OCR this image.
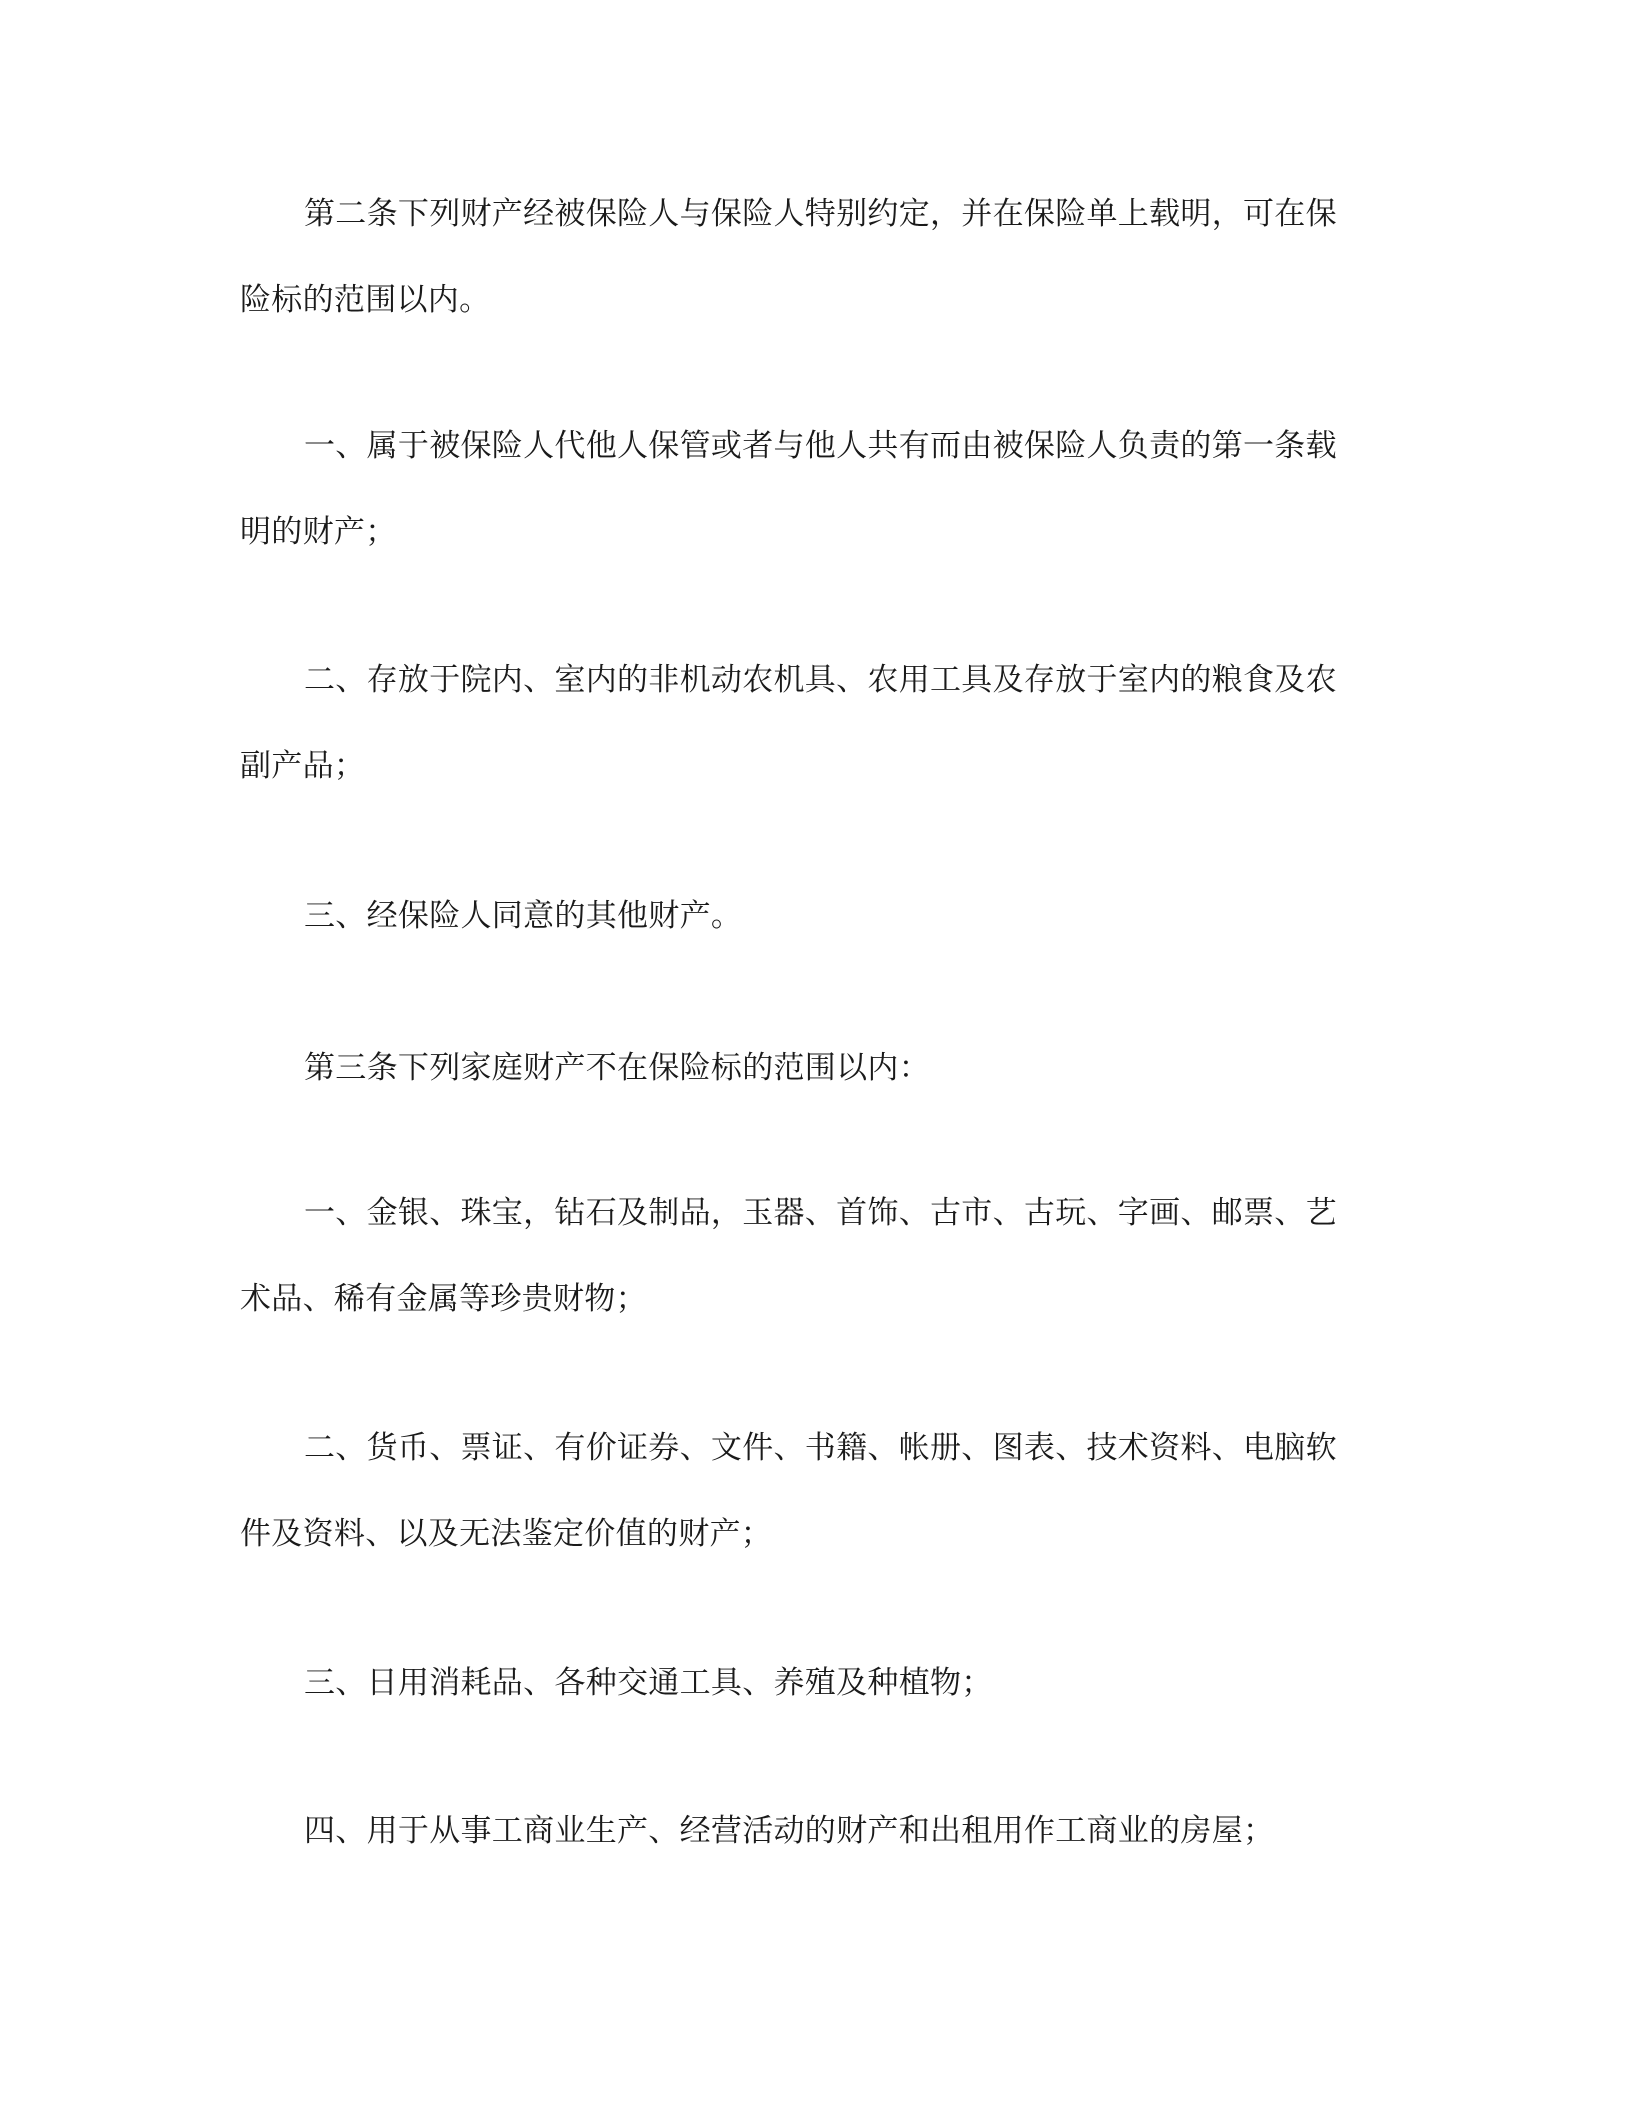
第二条下列财产经被保险人与保险人特别约定，并在保险单上载明，可在保险标的范围以内。

一、属于被保险人代他人保管或者与他人共有而由被保险人负责的第一条载明的财产；

二、存放于院内、室内的非机动农机具、农用工具及存放于室内的粮食及农副产品；

三、经保险人同意的其他财产。

第三条下列家庭财产不在保险标的范围以内：

一、金银、珠宝，钻石及制品，玉器、首饰、古市、古玩、字画、邮票、艺术品、稀有金属等珍贵财物；

二、货币、票证、有价证券、文件、书籍、帐册、图表、技术资料、电脑软件及资料、以及无法鉴定价值的财产；

三、日用消耗品、各种交通工具、养殖及种植物；

四、用于从事工商业生产、经营活动的财产和出租用作工商业的房屋；
